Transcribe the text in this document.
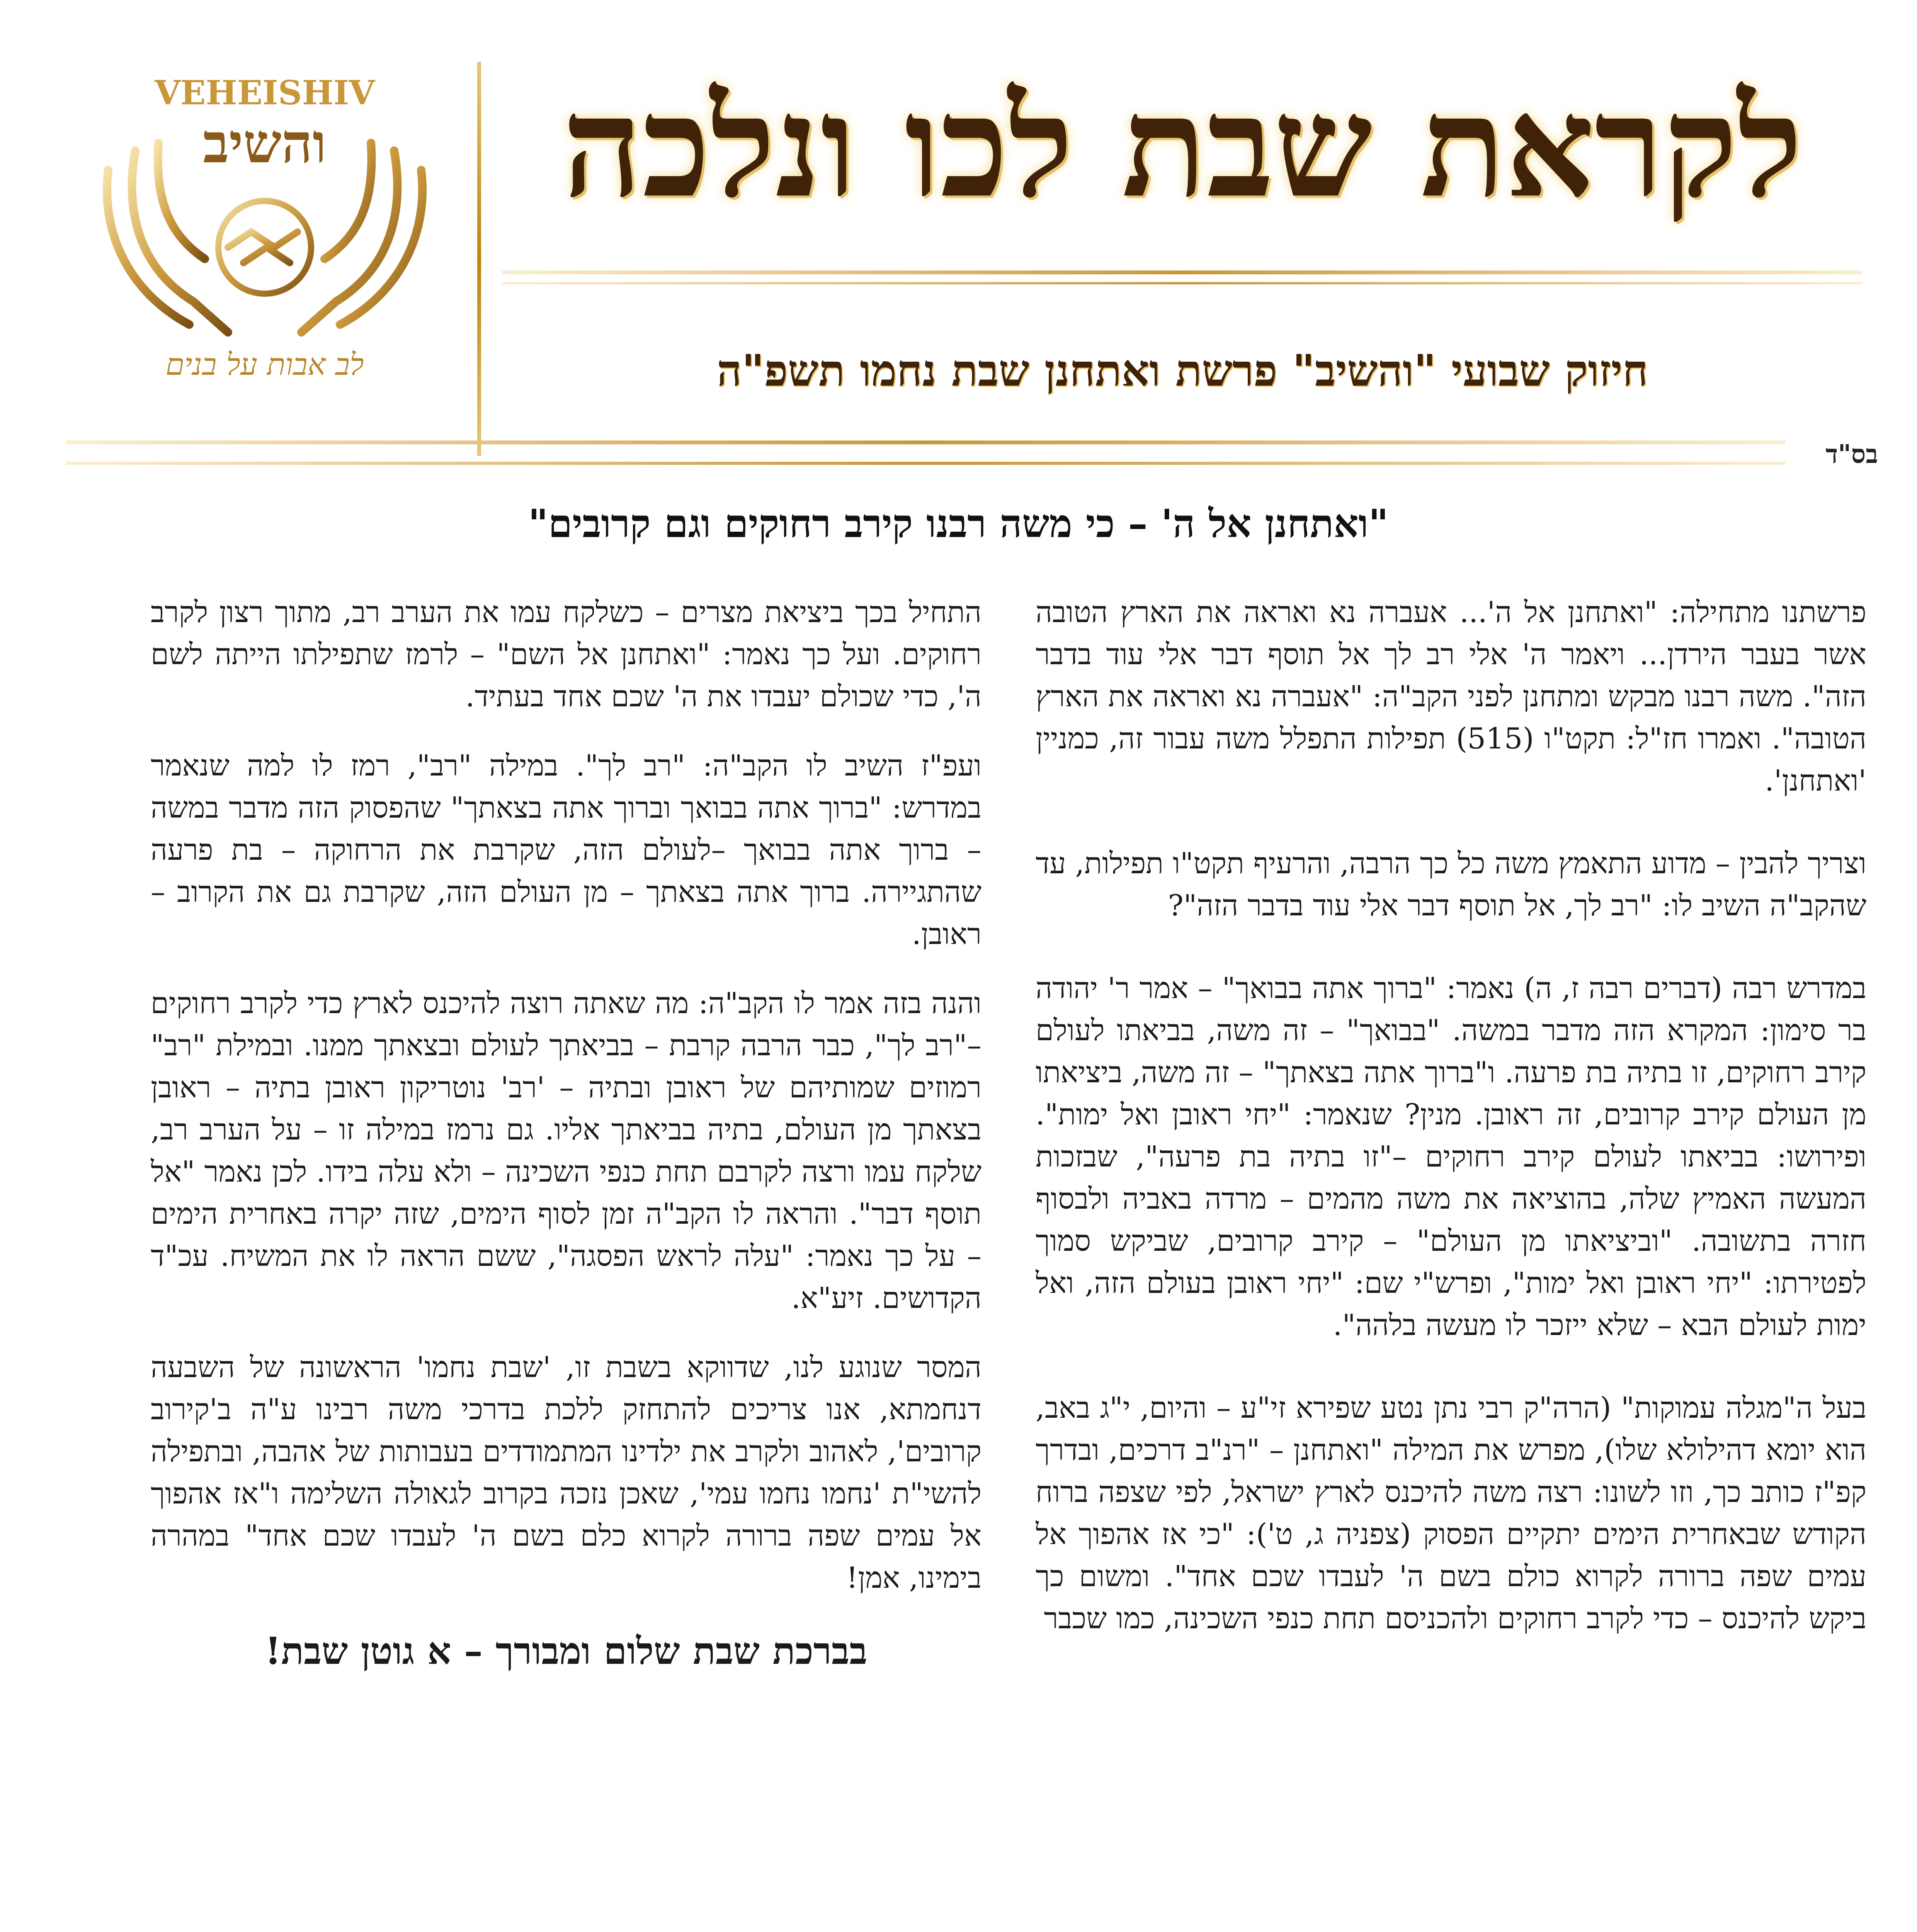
VEHEISHIV
והשיב
לב אבות על בנים
לקראת שבת לכו ונלכה
חיזוק שבועי "והשיב" פרשת ואתחנן שבת נחמו תשפ"ה
בס"ד
"ואתחנן אל ה' – כי משה רבנו קירב רחוקים וגם קרובים"

פרשתנו מתחילה: "ואתחנן אל ה'... אעברה נא ואראה את הארץ הטובה אשר בעבר הירדן... ויאמר ה' אלי רב לך אל תוסף דבר אלי עוד בדבר הזה". משה רבנו מבקש ומתחנן לפני הקב"ה: "אעברה נא ואראה את הארץ הטובה". ואמרו חז"ל: תקט"ו (515) תפילות התפלל משה עבור זה, כמניין 'ואתחנן'.

וצריך להבין – מדוע התאמץ משה כל כך הרבה, והרעיף תקט"ו תפילות, עד שהקב"ה השיב לו: "רב לך, אל תוסף דבר אלי עוד בדבר הזה"?

במדרש רבה (דברים רבה ז, ה) נאמר: "ברוך אתה בבואך" – אמר ר' יהודה בר סימון: המקרא הזה מדבר במשה. "בבואך" – זה משה, בביאתו לעולם קירב רחוקים, זו בתיה בת פרעה. ו"ברוך אתה בצאתך" – זה משה, ביציאתו מן העולם קירב קרובים, זה ראובן. מנין? שנאמר: "יחי ראובן ואל ימות". ופירושו: בביאתו לעולם קירב רחוקים –"זו בתיה בת פרעה", שבזכות המעשה האמיץ שלה, בהוציאה את משה מהמים – מרדה באביה ולבסוף חזרה בתשובה. "וביציאתו מן העולם" – קירב קרובים, שביקש סמוך לפטירתו: "יחי ראובן ואל ימות", ופרש"י שם: "יחי ראובן בעולם הזה, ואל ימות לעולם הבא – שלא ייזכר לו מעשה בלהה".

בעל ה"מגלה עמוקות" (הרה"ק רבי נתן נטע שפירא זי"ע – והיום, י"ג באב, הוא יומא דהילולא שלו), מפרש את המילה "ואתחנן – "רנ"ב דרכים, ובדרך קפ"ז כותב כך, וזו לשונו: רצה משה להיכנס לארץ ישראל, לפי שצפה ברוח הקודש שבאחרית הימים יתקיים הפסוק (צפניה ג, ט'): "כי אז אהפוך אל עמים שפה ברורה לקרוא כולם בשם ה' לעבדו שכם אחד". ומשום כך ביקש להיכנס – כדי לקרב רחוקים ולהכניסם תחת כנפי השכינה, כמו שכבר

התחיל בכך ביציאת מצרים – כשלקח עמו את הערב רב, מתוך רצון לקרב רחוקים. ועל כך נאמר: "ואתחנן אל השם" – לרמז שתפילתו הייתה לשם ה', כדי שכולם יעבדו את ה' שכם אחד בעתיד.

ועפ"ז השיב לו הקב"ה: "רב לך". במילה "רב", רמז לו למה שנאמר במדרש: "ברוך אתה בבואך וברוך אתה בצאתך" שהפסוק הזה מדבר במשה – ברוך אתה בבואך –לעולם הזה, שקרבת את הרחוקה – בת פרעה שהתגיירה. ברוך אתה בצאתך – מן העולם הזה, שקרבת גם את הקרוב – ראובן.

והנה בזה אמר לו הקב"ה: מה שאתה רוצה להיכנס לארץ כדי לקרב רחוקים –"רב לך", כבר הרבה קרבת – בביאתך לעולם ובצאתך ממנו. ובמילת "רב" רמוזים שמותיהם של ראובן ובתיה – 'רב' נוטריקון ראובן בתיה – ראובן בצאתך מן העולם, בתיה בביאתך אליו. גם נרמז במילה זו – על הערב רב, שלקח עמו ורצה לקרבם תחת כנפי השכינה – ולא עלה בידו. לכן נאמר "אל תוסף דבר". והראה לו הקב"ה זמן לסוף הימים, שזה יקרה באחרית הימים – על כך נאמר: "עלה לראש הפסגה", ששם הראה לו את המשיח. עכ"ד הקדושים. זיע"א.

המסר שנוגע לנו, שדווקא בשבת זו, 'שבת נחמו' הראשונה של השבעה דנחמתא, אנו צריכים להתחזק ללכת בדרכי משה רבינו ע"ה ב'קירוב קרובים', לאהוב ולקרב את ילדינו המתמודדים בעבותות של אהבה, ובתפילה להשי"ת 'נחמו נחמו עמי', שאכן נזכה בקרוב לגאולה השלימה ו"אז אהפוך אל עמים שפה ברורה לקרוא כלם בשם ה' לעבדו שכם אחד" במהרה בימינו, אמן!

בברכת שבת שלום ומבורך – א גוטן שבת!
